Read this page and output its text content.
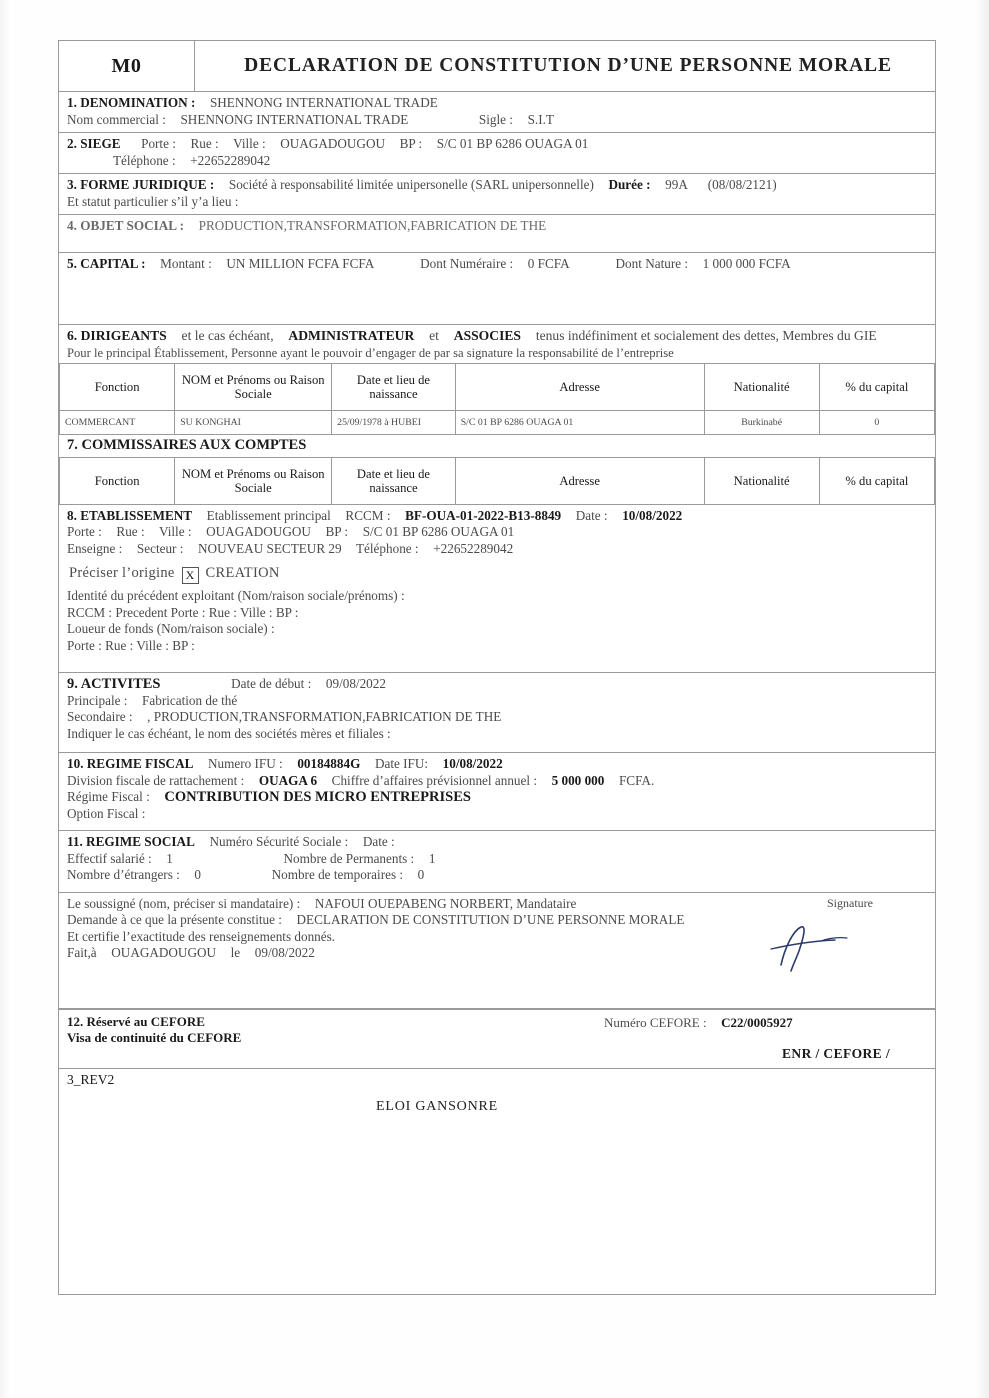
M0	DECLARATION DE CONSTITUTION D’UNE PERSONNE MORALE
1. DENOMINATION : SHENNONG INTERNATIONAL TRADE
Nom commercial : SHENNONG INTERNATIONAL TRADE	Sigle : S.I.T
2. SIEGE Porte : Rue : Ville : OUAGADOUGOU BP : S/C 01 BP 6286 OUAGA 01
Téléphone : +22652289042
3. FORME JURIDIQUE : Société à responsabilité limitée unipersonelle (SARL unipersonnelle) Durée : 99A (08/08/2121)
Et statut particulier s’il y’a lieu :
4. OBJET SOCIAL : PRODUCTION,TRANSFORMATION,FABRICATION DE THE
5. CAPITAL : Montant : UN MILLION FCFA FCFA	Dont Numéraire : 0 FCFA	Dont Nature : 1 000 000 FCFA
6. DIRIGEANTS et le cas échéant, ADMINISTRATEUR et ASSOCIES tenus indéfiniment et socialement des dettes, Membres du GIE
Pour le principal Établissement, Personne ayant le pouvoir d’engager de par sa signature la responsabilité de l’entreprise
Fonction	NOM et Prénoms ou Raison Sociale	Date et lieu de naissance	Adresse	Nationalité	% du capital
COMMERCANT	SU KONGHAI	25/09/1978 à HUBEI	S/C 01 BP 6286 OUAGA 01	Burkinabé	0
7. COMMISSAIRES AUX COMPTES
Fonction	NOM et Prénoms ou Raison Sociale	Date et lieu de naissance	Adresse	Nationalité	% du capital
8. ETABLISSEMENT Etablissement principal RCCM : BF-OUA-01-2022-B13-8849 Date : 10/08/2022
Porte : Rue : Ville : OUAGADOUGOU BP : S/C 01 BP 6286 OUAGA 01
Enseigne : Secteur : NOUVEAU SECTEUR 29 Téléphone : +22652289042
Préciser l’origine X CREATION
Identité du précédent exploitant (Nom/raison sociale/prénoms) :
RCCM : Precedent Porte : Rue : Ville : BP :
Loueur de fonds (Nom/raison sociale) :
Porte : Rue : Ville : BP :
9. ACTIVITES	Date de début : 09/08/2022
Principale : Fabrication de thé
Secondaire : , PRODUCTION,TRANSFORMATION,FABRICATION DE THE
Indiquer le cas échéant, le nom des sociétés mères et filiales :
10. REGIME FISCAL Numero IFU : 00184884G Date IFU: 10/08/2022
Division fiscale de rattachement : OUAGA 6 Chiffre d’affaires prévisionnel annuel : 5 000 000 FCFA.
Régime Fiscal : CONTRIBUTION DES MICRO ENTREPRISES
Option Fiscal :
11. REGIME SOCIAL Numéro Sécurité Sociale : Date :
Effectif salarié : 1	Nombre de Permanents : 1
Nombre d’étrangers : 0	Nombre de temporaires : 0
Le soussigné (nom, préciser si mandataire) : NAFOUI OUEPABENG NORBERT, Mandataire
Demande à ce que la présente constitue : DECLARATION DE CONSTITUTION D’UNE PERSONNE MORALE
Et certifie l’exactitude des renseignements donnés.
Fait,à OUAGADOUGOU le 09/08/2022
Signature
12. Réservé au CEFORE
Visa de continuité du CEFORE
Numéro CEFORE : C22/0005927
ENR / CEFORE /
3_REV2
ELOI GANSONRE
